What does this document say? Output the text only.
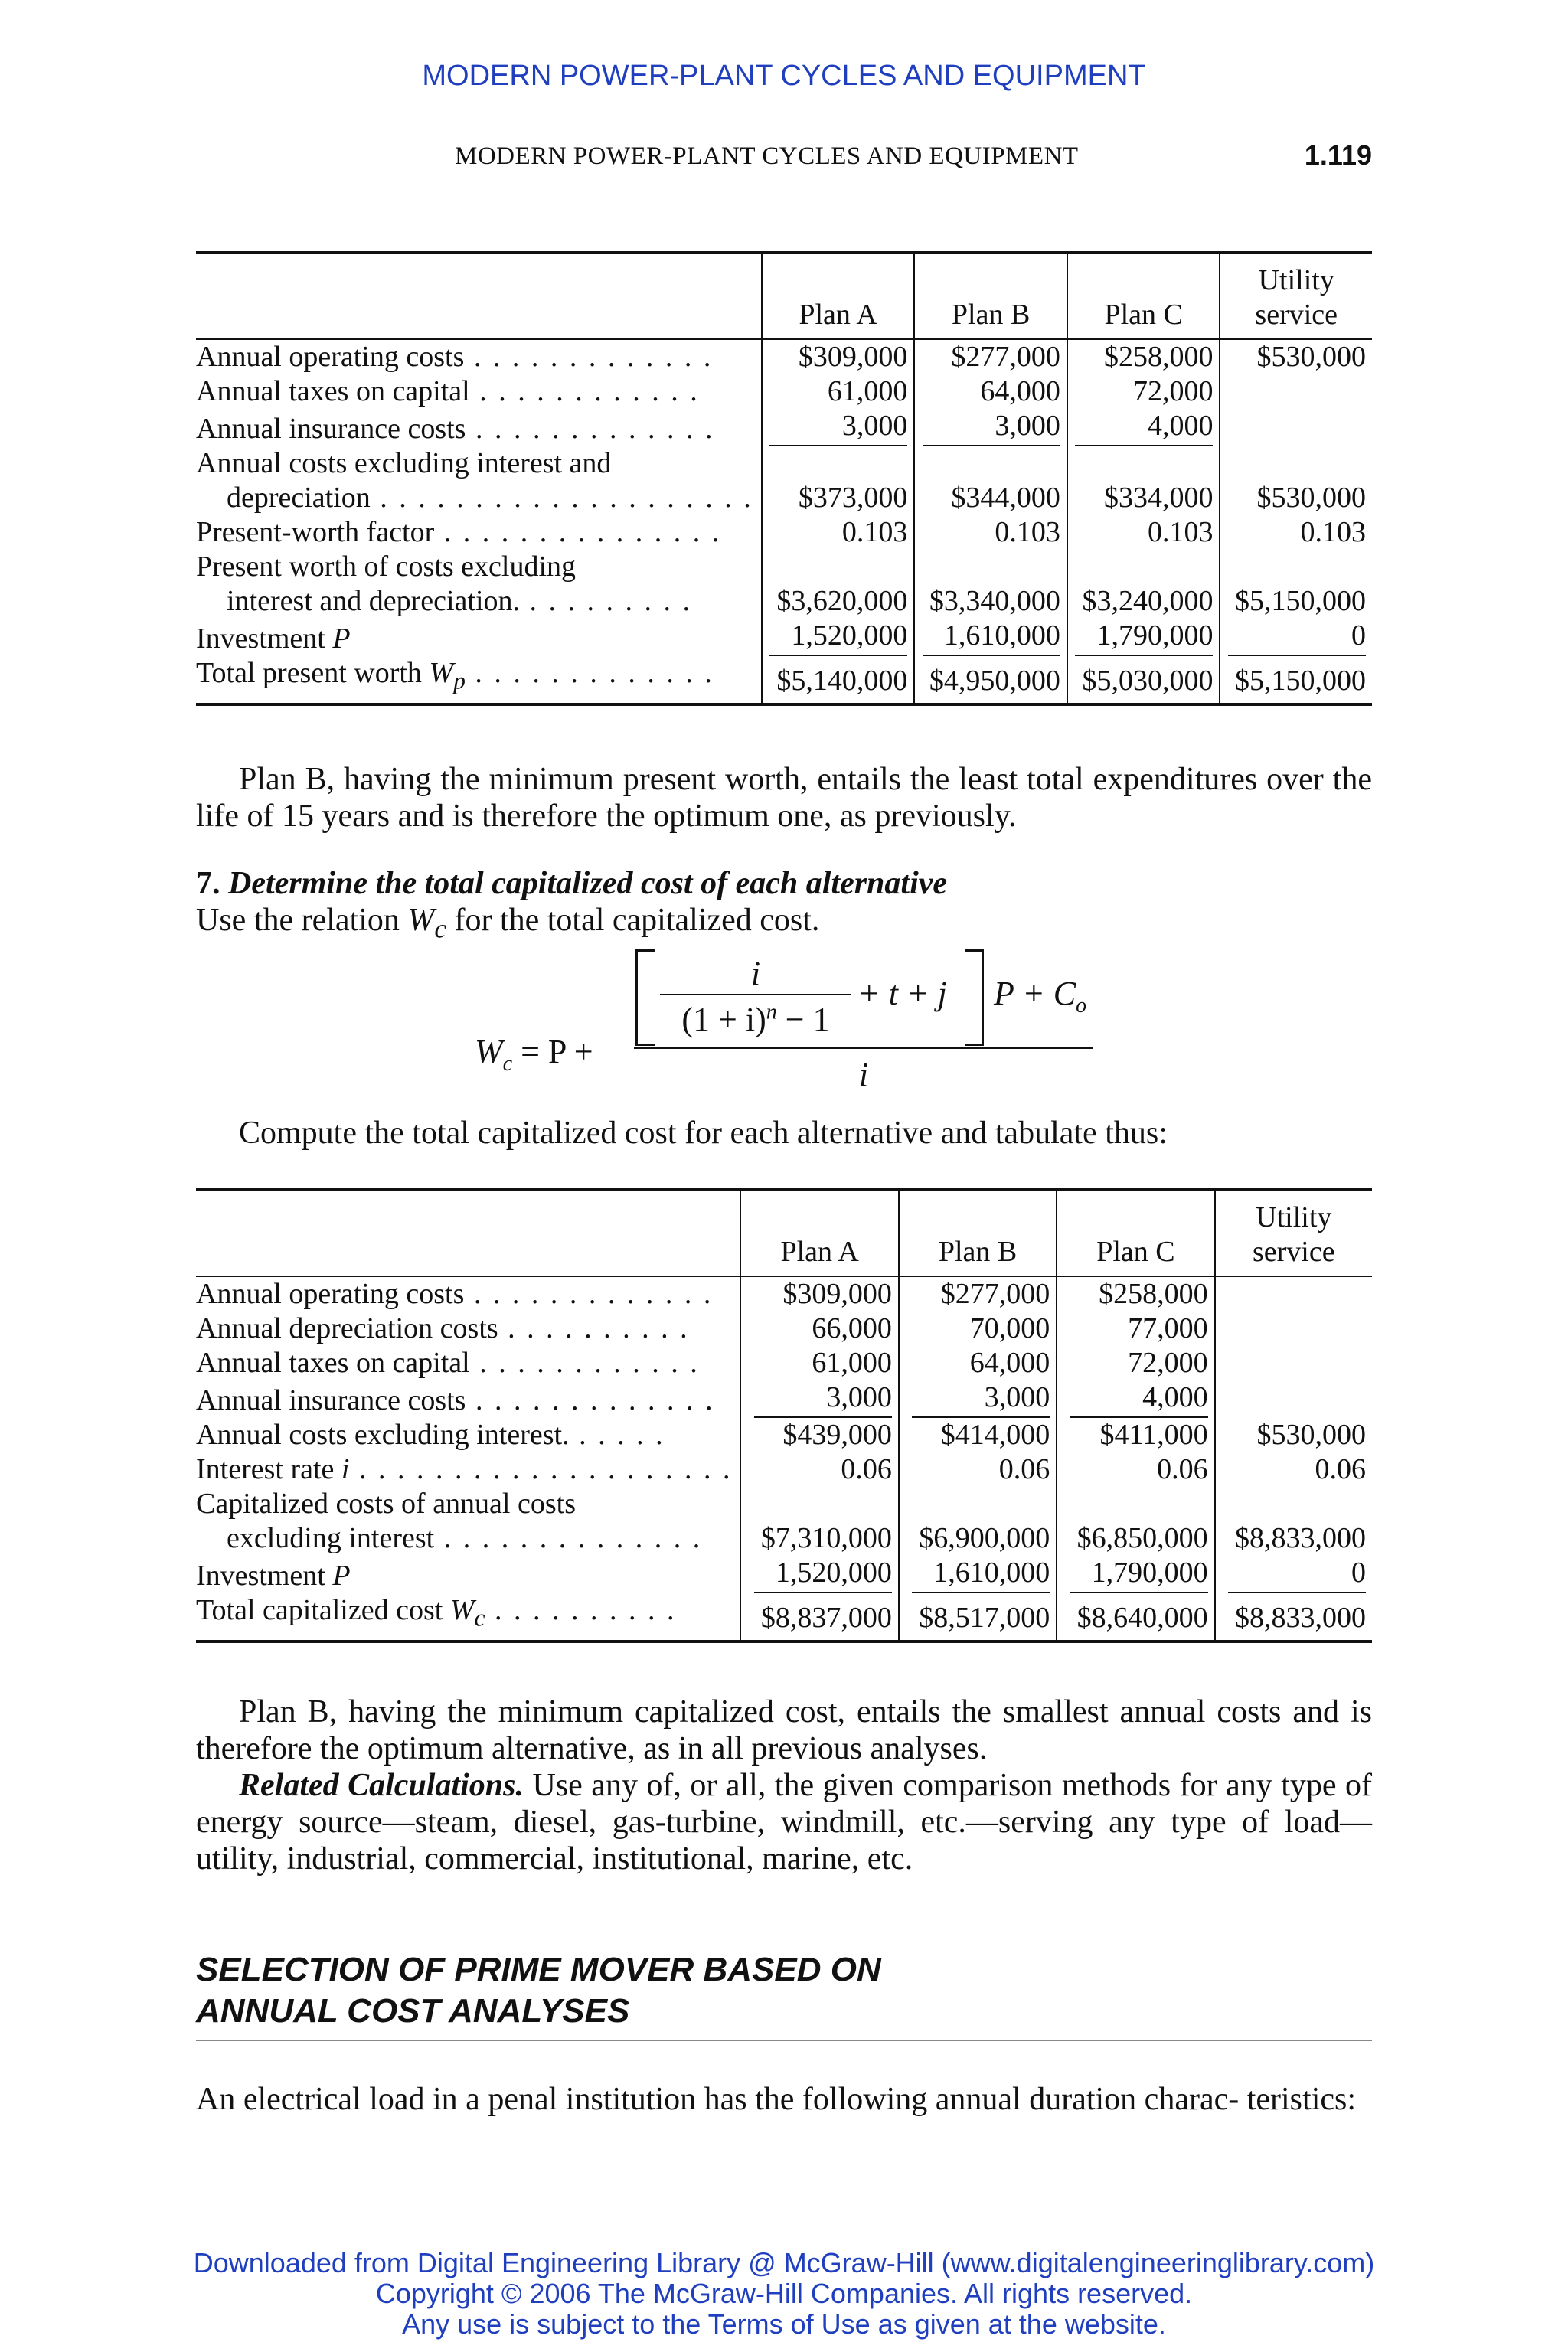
MODERN POWER-PLANT CYCLES AND EQUIPMENT
MODERN POWER-PLANT CYCLES AND EQUIPMENT	1.119
	Plan A	Plan B	Plan C	Utility
service
Annual operating costs . . . . . . . . . . . . .	$309,000	$277,000	$258,000	$530,000
Annual taxes on capital . . . . . . . . . . . .	61,000	64,000	72,000	
Annual insurance costs . . . . . . . . . . . . .	3,000	3,000	4,000	
Annual costs excluding interest and				
depreciation . . . . . . . . . . . . . . . . . . . .	$373,000	$344,000	$334,000	$530,000
Present-worth factor . . . . . . . . . . . . . . .	0.103	0.103	0.103	0.103
Present worth of costs excluding				
interest and depreciation. . . . . . . . . .	$3,620,000	$3,340,000	$3,240,000	$5,150,000
Investment P	1,520,000	1,610,000	1,790,000	0
Total present worth $W_p$ . . . . . . . . . . . . .	$5,140,000	$4,950,000	$5,030,000	$5,150,000
Plan B, having the minimum present worth, entails the least total expenditures over the life of 15 years and is therefore the optimum one, as previously.
7. Determine the total capitalized cost of each alternative
Use the relation $W_c$ for the total capitalized cost.
$W_c = P$ +
i
$(1 + i)^n - 1$
+ t + j $P + C_o$
i
Compute the total capitalized cost for each alternative and tabulate thus:
	Plan A	Plan B	Plan C	Utility
service
Annual operating costs . . . . . . . . . . . . .	$309,000	$277,000	$258,000	
Annual depreciation costs . . . . . . . . . .	66,000	70,000	77,000	
Annual taxes on capital . . . . . . . . . . . .	61,000	64,000	72,000	
Annual insurance costs . . . . . . . . . . . . .	3,000	3,000	4,000	
Annual costs excluding interest. . . . . .	$439,000	$414,000	$411,000	$530,000
Interest rate i . . . . . . . . . . . . . . . . . . . .	0.06	0.06	0.06	0.06
Capitalized costs of annual costs				
excluding interest . . . . . . . . . . . . . .	$7,310,000	$6,900,000	$6,850,000	$8,833,000
Investment P	1,520,000	1,610,000	1,790,000	0
Total capitalized cost $W_c$ . . . . . . . . . .	$8,837,000	$8,517,000	$8,640,000	$8,833,000
Plan B, having the minimum capitalized cost, entails the smallest annual costs and is therefore the optimum alternative, as in all previous analyses.
Related Calculations. Use any of, or all, the given comparison methods for any type of energy source—steam, diesel, gas-turbine, windmill, etc.—serving any type of load—utility, industrial, commercial, institutional, marine, etc.
SELECTION OF PRIME MOVER BASED ON
ANNUAL COST ANALYSES
An electrical load in a penal institution has the following annual duration charac- teristics:
Downloaded from Digital Engineering Library @ McGraw-Hill (www.digitalengineeringlibrary.com)
Copyright © 2006 The McGraw-Hill Companies. All rights reserved.
Any use is subject to the Terms of Use as given at the website.
